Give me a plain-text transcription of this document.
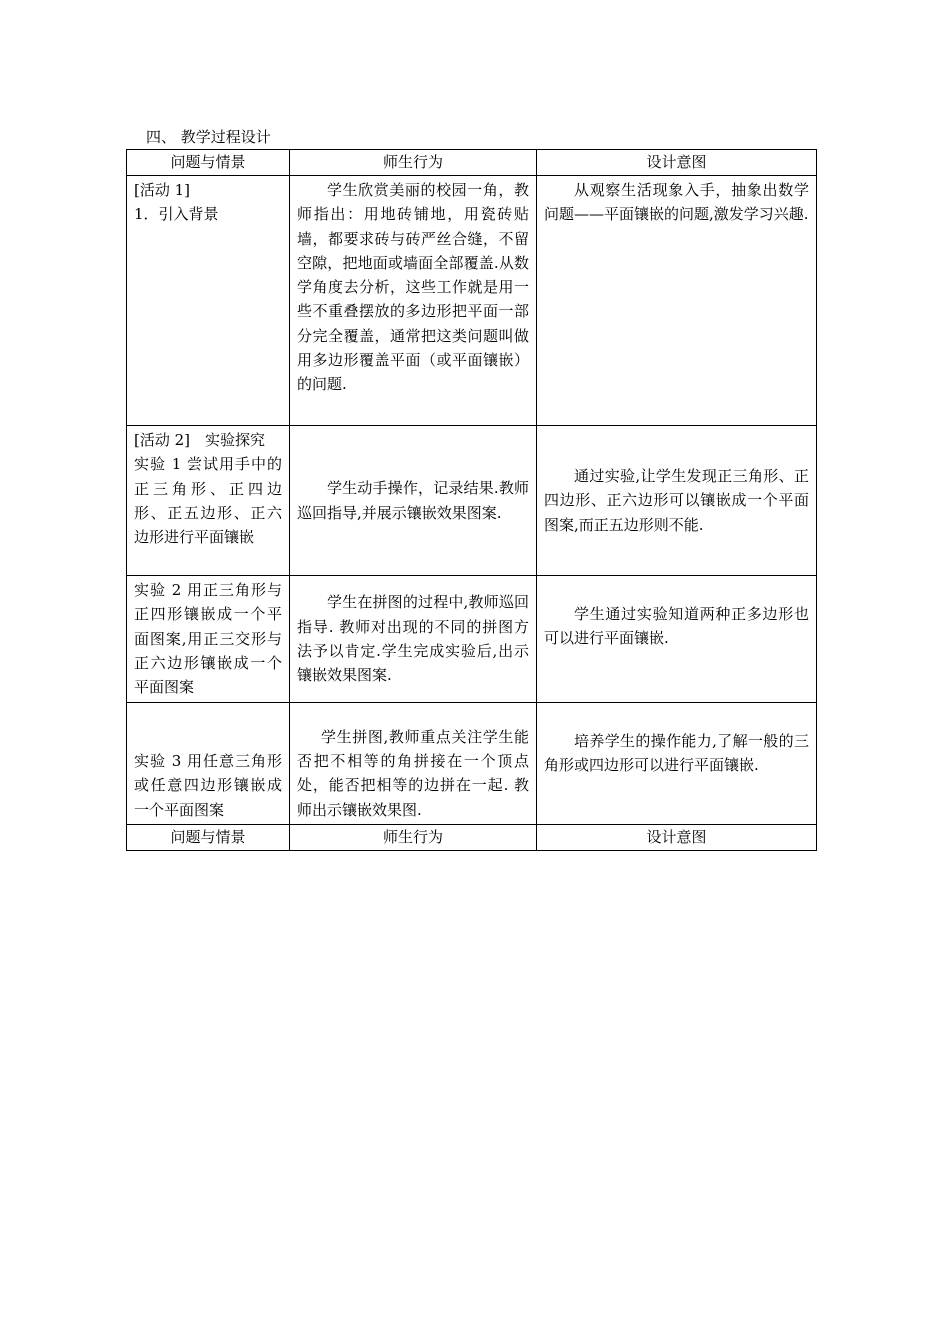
四、 教学过程设计
问题与情景	师生行为	设计意图

[活动 1]
1．引入背景	学生欣赏美丽的校园一角，教师指出：用地砖铺地，用瓷砖贴墙，都要求砖与砖严丝合缝，不留空隙，把地面或墙面全部覆盖.从数学角度去分析，这些工作就是用一些不重叠摆放的多边形把平面一部分完全覆盖，通常把这类问题叫做用多边形覆盖平面（或平面镶嵌）的问题.	从观察生活现象入手，抽象出数学问题——平面镶嵌的问题,激发学习兴趣.

[活动 2]　实验探究
实验 1 尝试用手中的正三角形、正四边形、正五边形、正六边形进行平面镶嵌	学生动手操作，记录结果.教师巡回指导,并展示镶嵌效果图案.	通过实验,让学生发现正三角形、正四边形、正六边形可以镶嵌成一个平面图案,而正五边形则不能.

实验 2 用正三角形与正四形镶嵌成一个平面图案,用正三交形与正六边形镶嵌成一个平面图案	学生在拼图的过程中,教师巡回指导. 教师对出现的不同的拼图方法予以肯定.学生完成实验后,出示镶嵌效果图案.	学生通过实验知道两种正多边形也可以进行平面镶嵌.

实验 3 用任意三角形或任意四边形镶嵌成一个平面图案	学生拼图,教师重点关注学生能否把不相等的角拼接在一个顶点处，能否把相等的边拼在一起. 教师出示镶嵌效果图.	培养学生的操作能力,了解一般的三角形或四边形可以进行平面镶嵌.

问题与情景	师生行为	设计意图
